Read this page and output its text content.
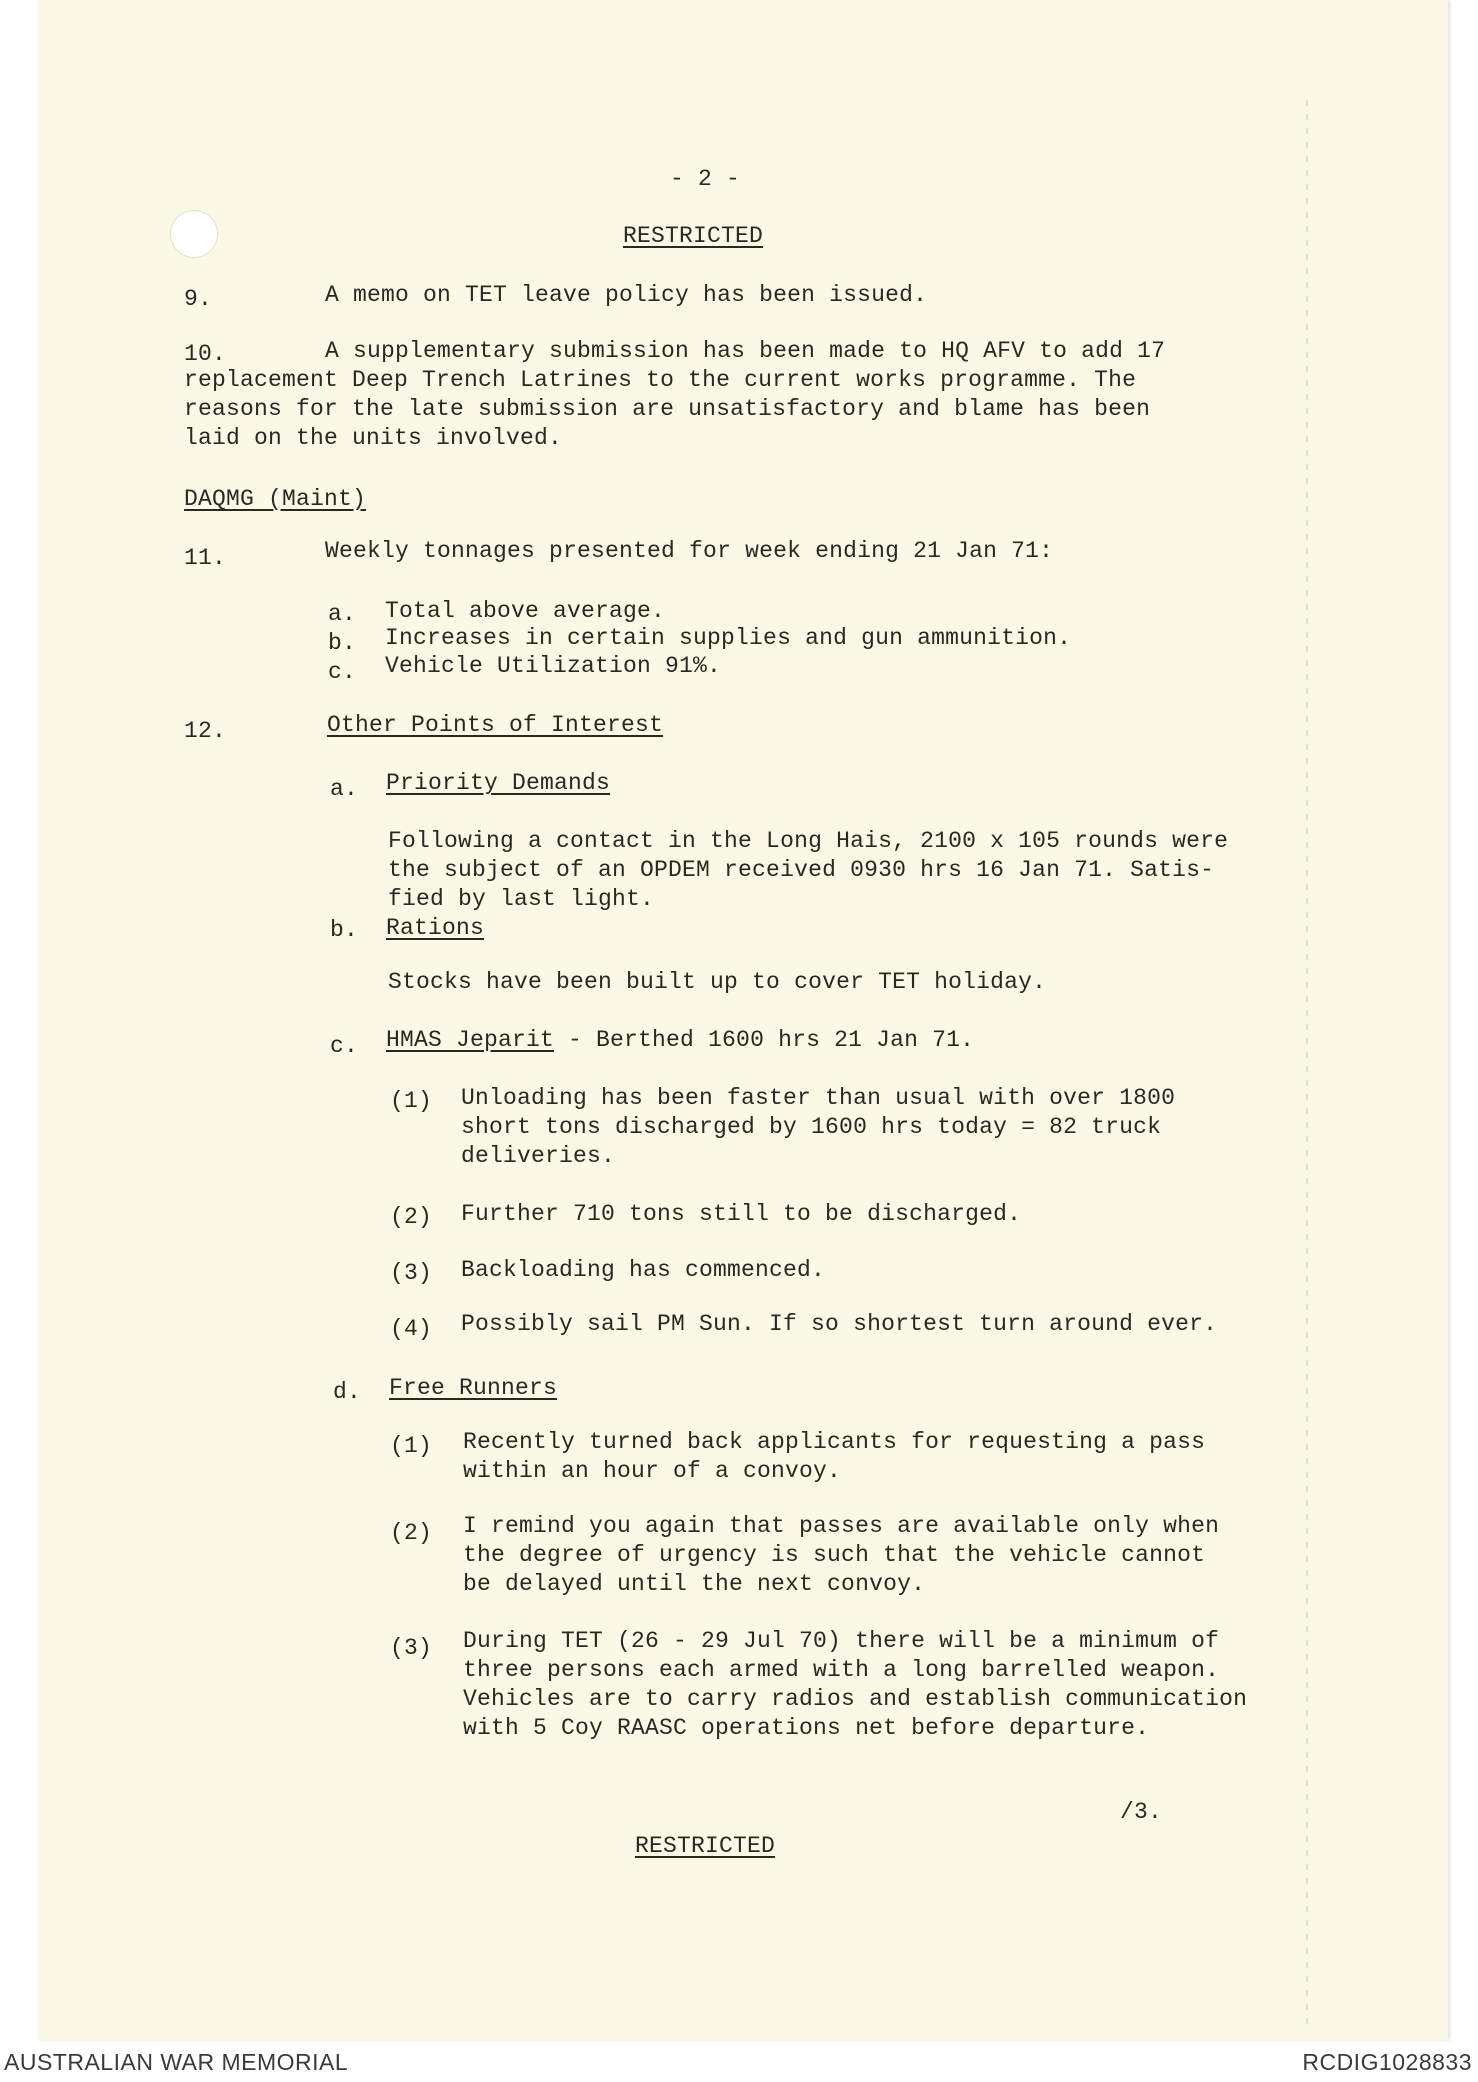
- 2 -
RESTRICTED
9.	A memo on TET leave policy has been issued.
10.	A supplementary submission has been made to HQ AFV to add 17
replacement Deep Trench Latrines to the current works programme. The
reasons for the late submission are unsatisfactory and blame has been
laid on the units involved.
DAQMG (Maint)
11.	Weekly tonnages presented for week ending 21 Jan 71:
a. Total above average.
b. Increases in certain supplies and gun ammunition.
c. Vehicle Utilization 91%.
12.	Other Points of Interest
a. Priority Demands
Following a contact in the Long Hais, 2100 x 105 rounds were
the subject of an OPDEM received 0930 hrs 16 Jan 71. Satis-
fied by last light.
b. Rations
Stocks have been built up to cover TET holiday.
c. HMAS Jeparit - Berthed 1600 hrs 21 Jan 71.
(1) Unloading has been faster than usual with over 1800
short tons discharged by 1600 hrs today = 82 truck
deliveries.
(2) Further 710 tons still to be discharged.
(3) Backloading has commenced.
(4) Possibly sail PM Sun. If so shortest turn around ever.
d. Free Runners
(1) Recently turned back applicants for requesting a pass
within an hour of a convoy.
(2) I remind you again that passes are available only when
the degree of urgency is such that the vehicle cannot
be delayed until the next convoy.
(3) During TET (26 - 29 Jul 70) there will be a minimum of
three persons each armed with a long barrelled weapon.
Vehicles are to carry radios and establish communication
with 5 Coy RAASC operations net before departure.
/3.
RESTRICTED
AUSTRALIAN WAR MEMORIAL	RCDIG1028833
